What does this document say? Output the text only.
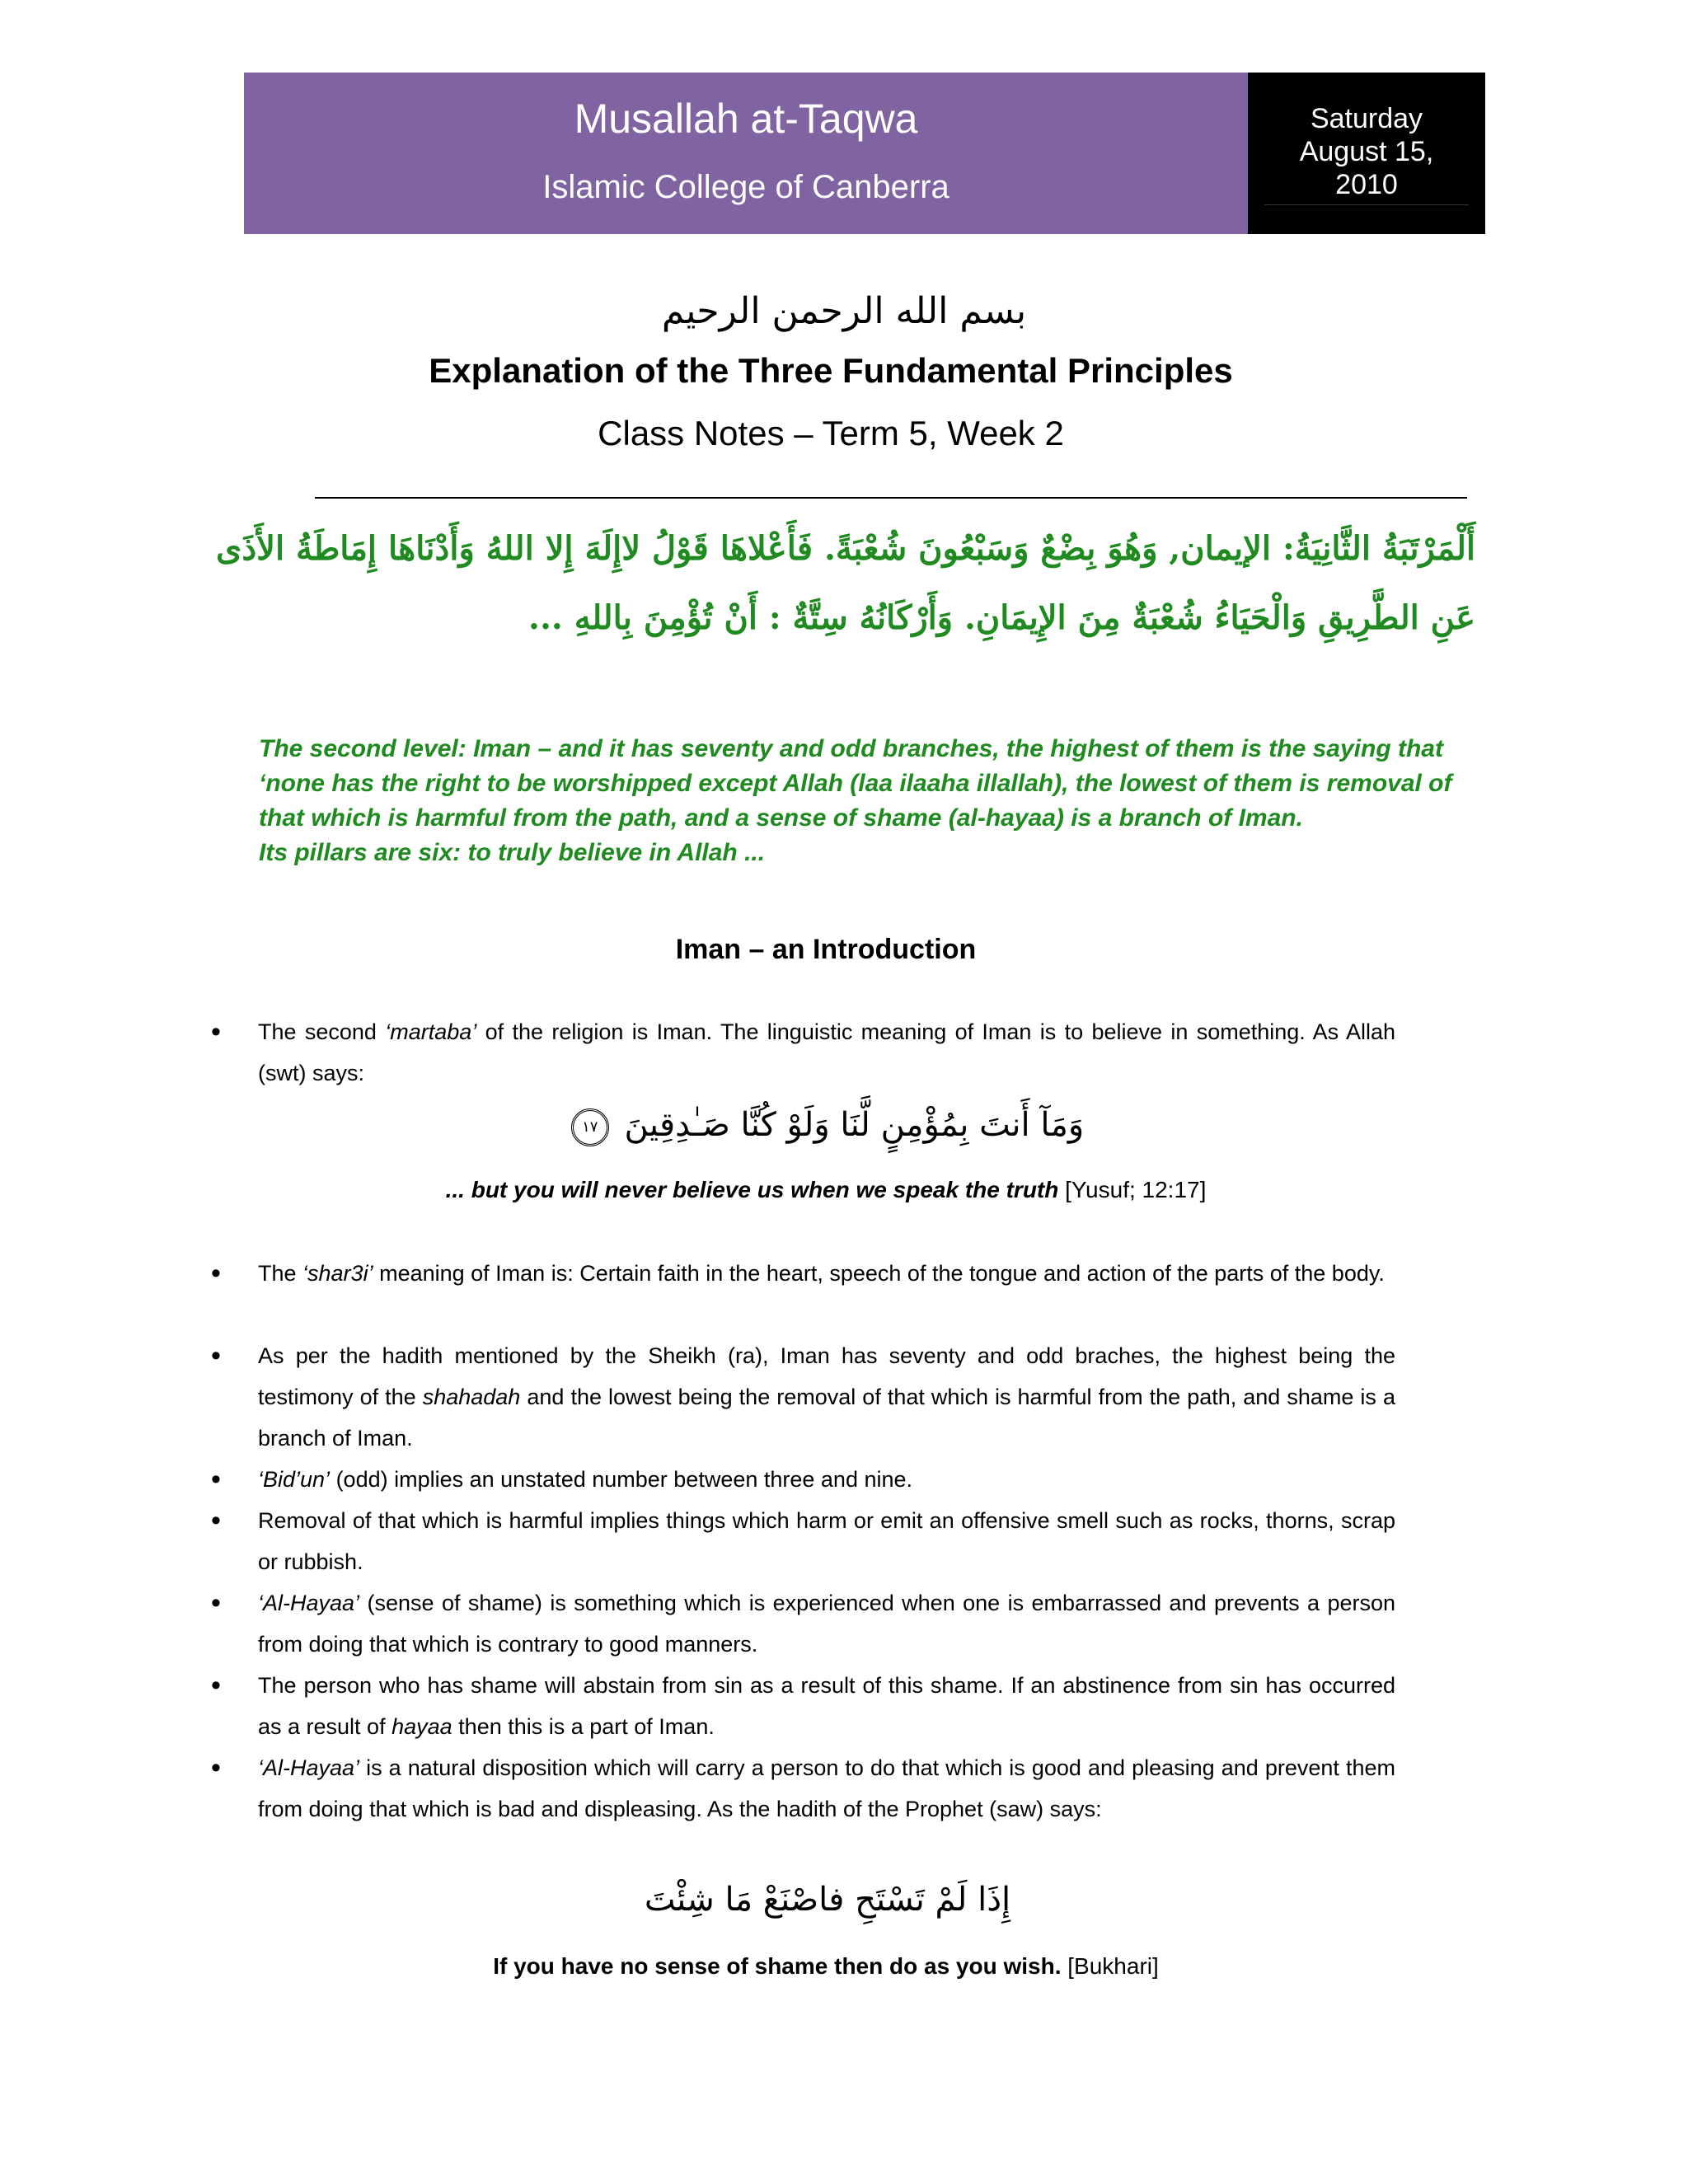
Musallah at-Taqwa
Islamic College of Canberra
Saturday
August 15,
2010
بسم الله الرحمن الرحيم
Explanation of the Three Fundamental Principles
Class Notes – Term 5, Week 2
أَلْمَرْتَبَةُ الثَّانِيَةُ: الإيمان, وَهُوَ بِضْعٌ وَسَبْعُونَ شُعْبَةً. فَأَعْلاهَا قَوْلُ لاإِلَهَ إِلا اللهُ وَأَدْنَاهَا إِمَاطَةُ الأَذَى
عَنِ الطَّرِيقِ وَالْحَيَاءُ شُعْبَةٌ مِنَ الإِيمَانِ. وَأَرْكَانُهُ سِتَّةٌ : أَنْ تُؤْمِنَ بِاللهِ ...
The second level: Iman – and it has seventy and odd branches, the highest of them is the saying that
‘none has the right to be worshipped except Allah (laa ilaaha illallah), the lowest of them is removal of
that which is harmful from the path, and a sense of shame (al-hayaa) is a branch of Iman.
Its pillars are six: to truly believe in Allah ...
Iman – an Introduction
• The second ‘martaba’ of the religion is Iman. The linguistic meaning of Iman is to believe in something. As Allah (swt) says:
وَمَآ أَنتَ بِمُؤْمِنٍ لَّنَا وَلَوْ كُنَّا صَـٰدِقِينَ ١٧
... but you will never believe us when we speak the truth [Yusuf; 12:17]
• The ‘shar3i’ meaning of Iman is: Certain faith in the heart, speech of the tongue and action of the parts of the body.
• As per the hadith mentioned by the Sheikh (ra), Iman has seventy and odd braches, the highest being the testimony of the shahadah and the lowest being the removal of that which is harmful from the path, and shame is a branch of Iman.
• ‘Bid’un’ (odd) implies an unstated number between three and nine.
• Removal of that which is harmful implies things which harm or emit an offensive smell such as rocks, thorns, scrap or rubbish.
• ‘Al-Hayaa’ (sense of shame) is something which is experienced when one is embarrassed and prevents a person from doing that which is contrary to good manners.
• The person who has shame will abstain from sin as a result of this shame. If an abstinence from sin has occurred as a result of hayaa then this is a part of Iman.
• ‘Al-Hayaa’ is a natural disposition which will carry a person to do that which is good and pleasing and prevent them from doing that which is bad and displeasing. As the hadith of the Prophet (saw) says:
إِذَا لَمْ تَسْتَحِ فاصْنَعْ مَا شِئْتَ
If you have no sense of shame then do as you wish. [Bukhari]
